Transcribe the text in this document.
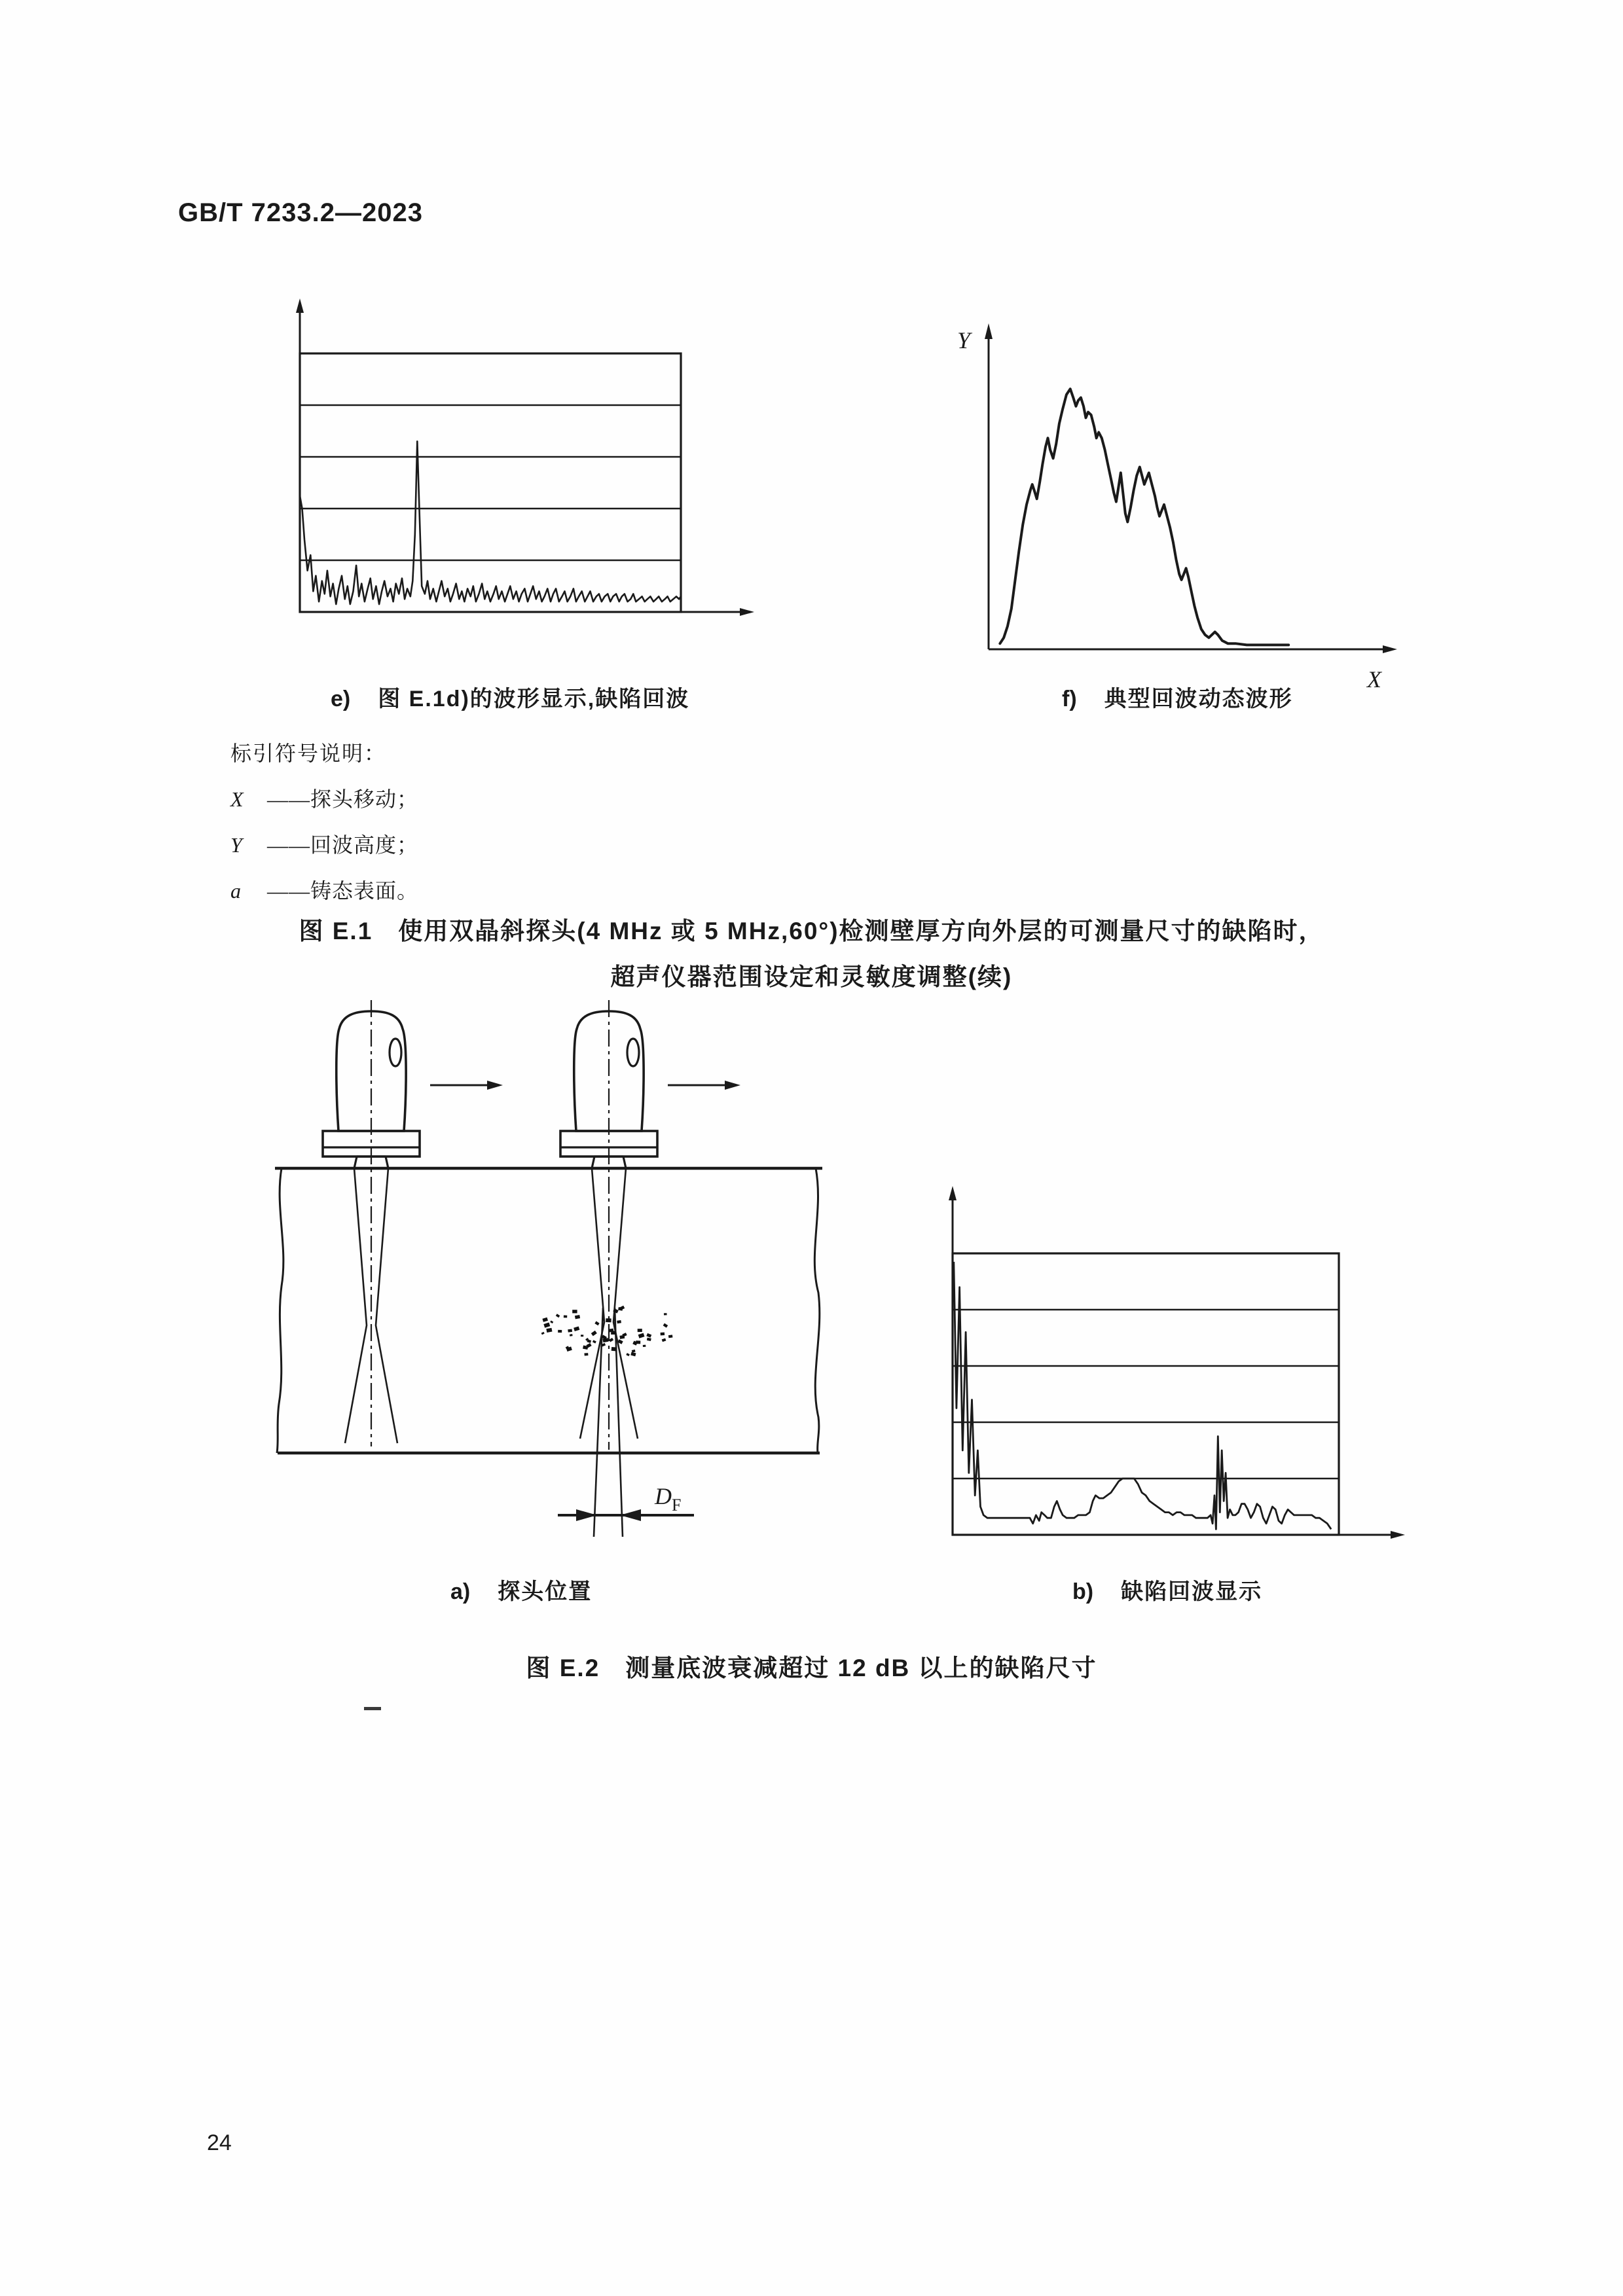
GB/T 7233.2—2023
Y
X
e) 图 E.1d)的波形显示,缺陷回波	f) 典型回波动态波形
标引符号说明：
X ——探头移动；
Y ——回波高度；
a ——铸态表面。
图 E.1　使用双晶斜探头(4 MHz 或 5 MHz,60°)检测壁厚方向外层的可测量尺寸的缺陷时，
超声仪器范围设定和灵敏度调整(续)
$D_F$
a) 探头位置	b) 缺陷回波显示
图 E.2　测量底波衰减超过 12 dB 以上的缺陷尺寸
24
